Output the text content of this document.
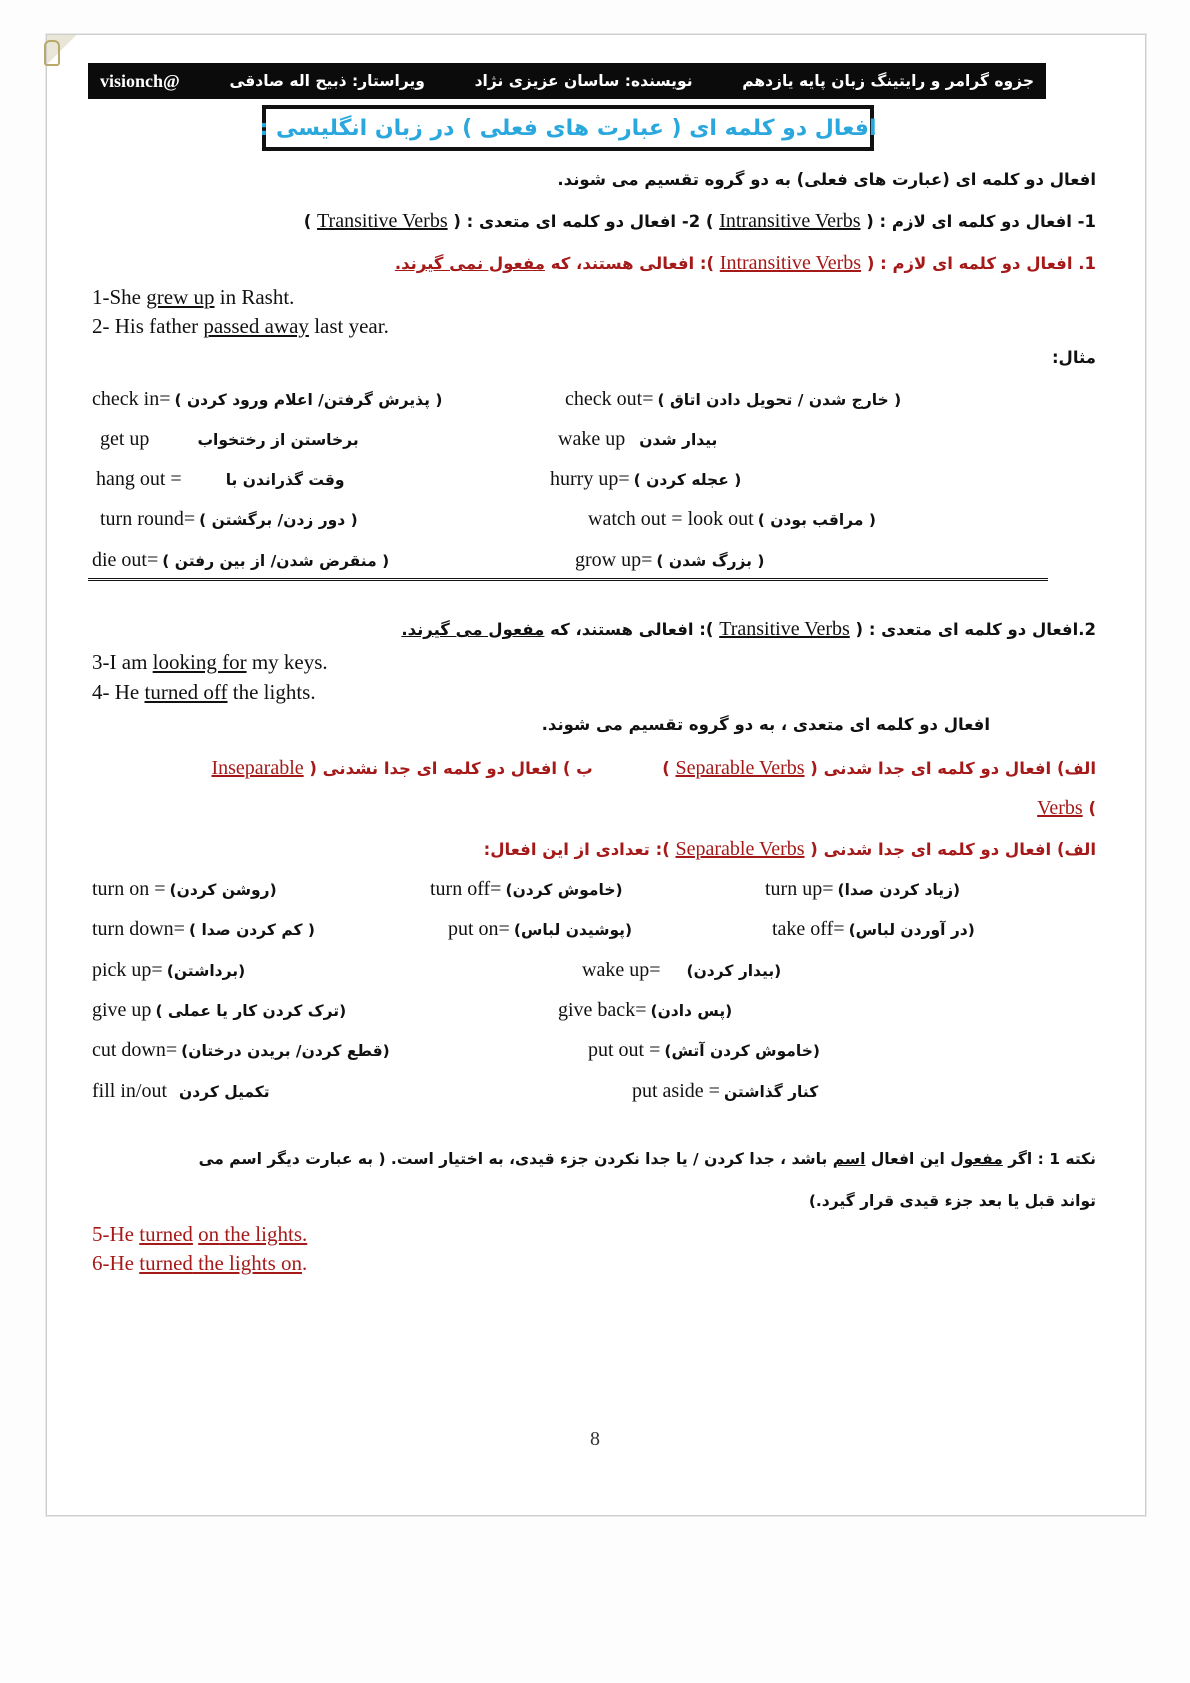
جزوه گرامر و رایتینگ زبان پایه یازدهم
نویسنده: ساسان عزیزی نژاد
ویراستار: ذبیح اله صادقی
@visionch
افعال دو کلمه ای ( عبارت های فعلی ) در زبان انگلیسی :
افعال دو کلمه ای (عبارت های فعلی) به دو گروه تقسیم می شوند.
1- افعال دو کلمه ای لازم : ( Intransitive Verbs ) 2- افعال دو کلمه ای متعدی : ( Transitive Verbs )
1. افعال دو کلمه ای لازم : ( Intransitive Verbs ): افعالی هستند، که مفعول نمی گیرند.
1-She grew up in Rasht.
2- His father passed away last year.
مثال:
check out= ( خارج شدن / تحویل دادن اتاق )
check in= ( پذیرش گرفتن/ اعلام ورود کردن )
wake up بیدار شدن
get up	برخاستن از رختخواب
hurry up= ( عجله کردن )
hang out =	وقت گذراندن با
watch out = look out ( مراقب بودن )
turn round= ( دور زدن/ برگشتن )
grow up= ( بزرگ شدن )
die out= ( منقرض شدن/ از بین رفتن )
2.افعال دو کلمه ای متعدی : ( Transitive Verbs ): افعالی هستند، که مفعول می گیرند.
3-I am looking for my keys.
4- He turned off the lights.
افعال دو کلمه ای متعدی ، به دو گروه تقسیم می شوند.
الف) افعال دو کلمه ای جدا شدنی ( Separable Verbs )  ب ) افعال دو کلمه ای جدا نشدنی ( Inseparable
) Verbs
الف) افعال دو کلمه ای جدا شدنی ( Separable Verbs ): تعدادی از این افعال:
turn up= (زیاد کردن صدا)
turn off= (خاموش کردن)
turn on = (روشن کردن)
take off= (در آوردن لباس)
put on= (پوشیدن لباس)
turn down= ( کم کردن صدا )
wake up= (بیدار کردن)
pick up= (برداشتن)
give back= (پس دادن)
give up ( ترک کردن کار یا عملی)
put out = (خاموش کردن آتش)
cut down= (قطع کردن/ بریدن درختان)
put aside = کنار گذاشتن
fill in/out تکمیل کردن
نکته 1 : اگر مفعول این افعال اسم باشد ، جدا کردن / یا جدا نکردن جزء قیدی، به اختیار است. ( به عبارت دیگر اسم می
تواند قبل یا بعد جزء قیدی قرار گیرد.)
5-He turned on the lights.
6-He turned the lights on.
8
